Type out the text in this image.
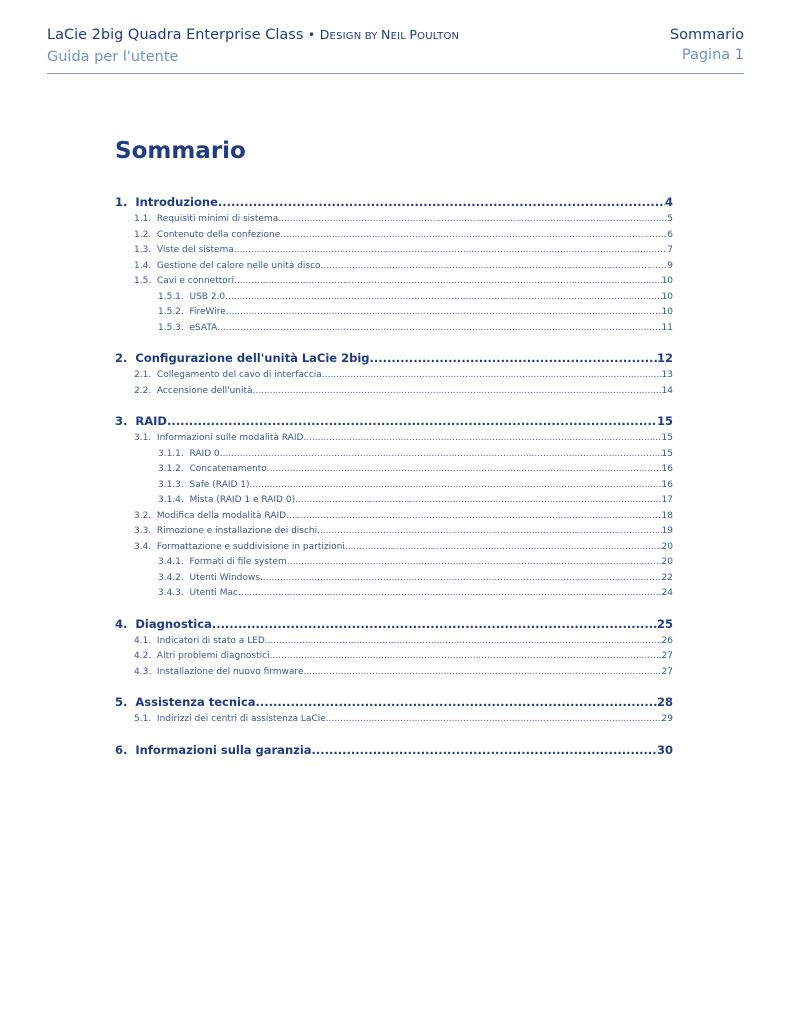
LaCie 2big Quadra Enterprise Class • DESIGN BY NEIL POULTON
Guida per l'utente
Sommario
Pagina 1
Sommario
1. Introduzione .....	4
1.1. Requisiti minimi di sistema .....	5
1.2. Contenuto della confezione .....	6
1.3. Viste del sistema .....	7
1.4. Gestione del calore nelle unità disco .....	9
1.5. Cavi e connettori .....	10
1.5.1. USB 2.0 .....	10
1.5.2. FireWire .....	10
1.5.3. eSATA .....	11
2. Configurazione dell'unità LaCie 2big .....	12
2.1. Collegamento del cavo di interfaccia .....	13
2.2. Accensione dell'unità .....	14
3. RAID .....	15
3.1. Informazioni sulle modalità RAID .....	15
3.1.1. RAID 0 .....	15
3.1.2. Concatenamento .....	16
3.1.3. Safe (RAID 1) .....	16
3.1.4. Mista (RAID 1 e RAID 0) .....	17
3.2. Modifica della modalità RAID .....	18
3.3. Rimozione e installazione dei dischi .....	19
3.4. Formattazione e suddivisione in partizioni .....	20
3.4.1. Formati di file system .....	20
3.4.2. Utenti Windows .....	22
3.4.3. Utenti Mac .....	24
4. Diagnostica .....	25
4.1. Indicatori di stato a LED .....	26
4.2. Altri problemi diagnostici .....	27
4.3. Installazione del nuovo firmware .....	27
5. Assistenza tecnica .....	28
5.1. Indirizzi dei centri di assistenza LaCie .....	29
6. Informazioni sulla garanzia .....	30
